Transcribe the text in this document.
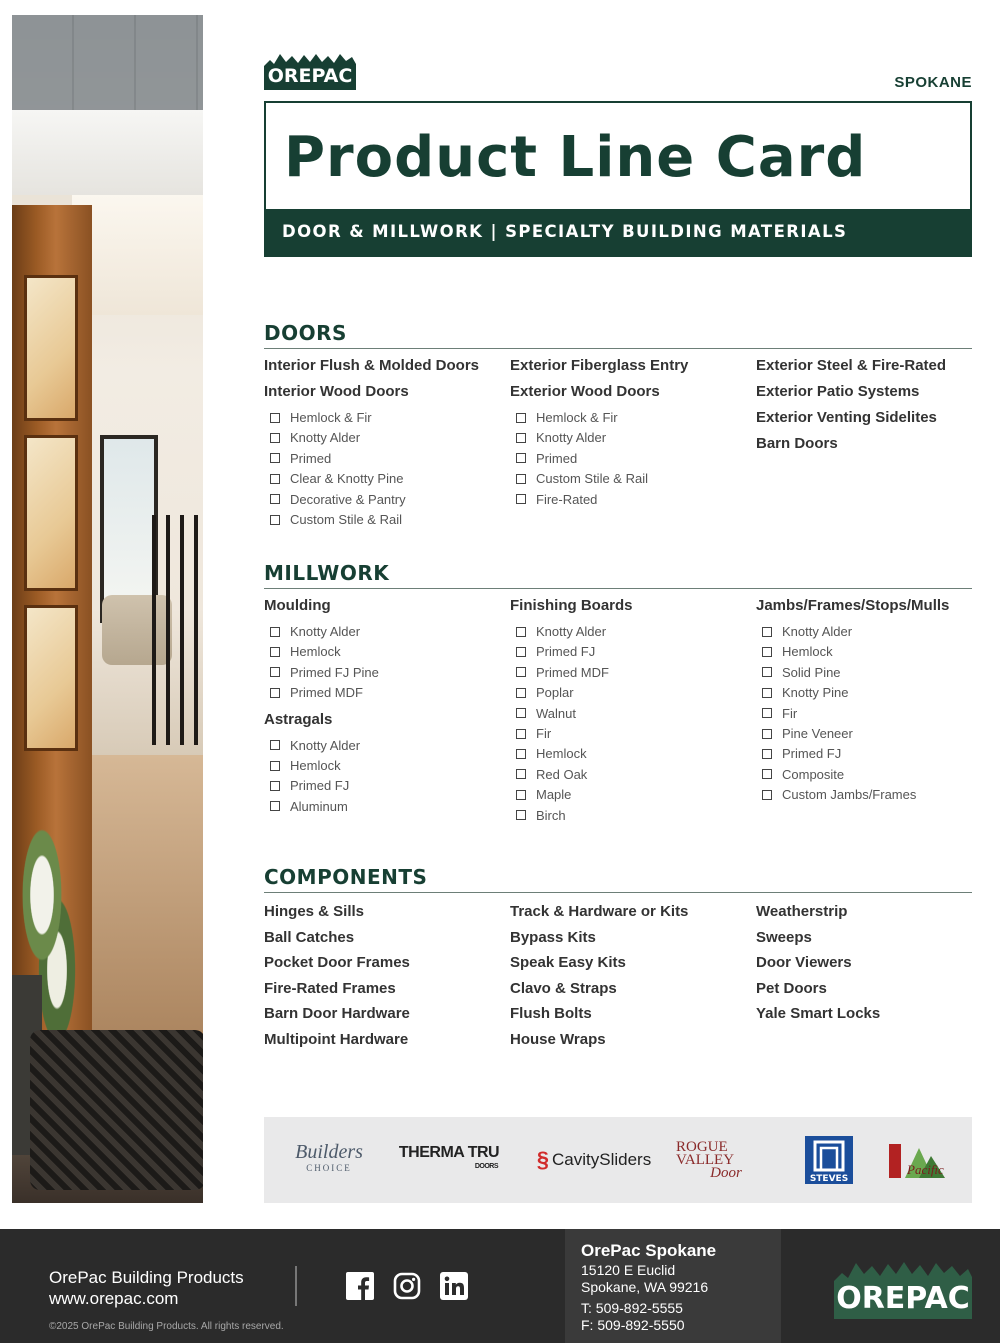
OREPAC	SPOKANE
Product Line Card
DOOR & MILLWORK | SPECIALTY BUILDING MATERIALS
DOORS
Interior Flush & Molded Doors
Interior Wood Doors
Hemlock & Fir
Knotty Alder
Primed
Clear & Knotty Pine
Decorative & Pantry
Custom Stile & Rail
Exterior Fiberglass Entry
Exterior Wood Doors
Hemlock & Fir
Knotty Alder
Primed
Custom Stile & Rail
Fire-Rated
Exterior Steel & Fire-Rated
Exterior Patio Systems
Exterior Venting Sidelites
Barn Doors
MILLWORK
Moulding
Knotty Alder
Hemlock
Primed FJ Pine
Primed MDF
Astragals
Knotty Alder
Hemlock
Primed FJ
Aluminum
Finishing Boards
Knotty Alder
Primed FJ
Primed MDF
Poplar
Walnut
Fir
Hemlock
Red Oak
Maple
Birch
Jambs/Frames/Stops/Mulls
Knotty Alder
Hemlock
Solid Pine
Knotty Pine
Fir
Pine Veneer
Primed FJ
Composite
Custom Jambs/Frames
COMPONENTS
Hinges & Sills
Ball Catches
Pocket Door Frames
Fire-Rated Frames
Barn Door Hardware
Multipoint Hardware
Track & Hardware or Kits
Bypass Kits
Speak Easy Kits
Clavo & Straps
Flush Bolts
House Wraps
Weatherstrip
Sweeps
Door Viewers
Pet Doors
Yale Smart Locks
Builders
CHOICE
THERMA TRU
DOORS § CavitySliders
ROGUE VALLEY
Door	STEVES
Pacific
OrePac Building Products
www.orepac.com
©2025 OrePac Building Products. All rights reserved.
OrePac Spokane
15120 E Euclid
Spokane, WA 99216
T: 509-892-5555
F: 509-892-5550
OREPAC
